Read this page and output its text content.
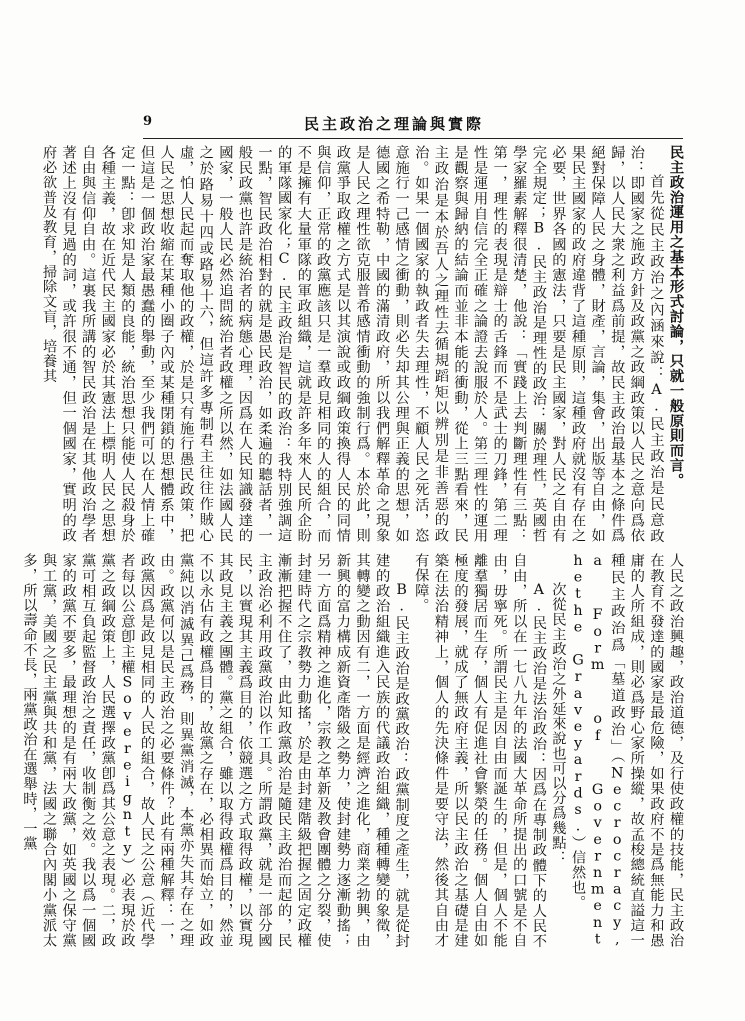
9	民主政治之理論與實際
民主政治運用之基本形式討論，只就一般原則而言。
首先從民主政治之內涵來說：A.民主政治是民意政治：即國家之施政方針及政黨之政綱政策以人民之意向爲依歸，以人民大衆之利益爲前提，故民主政治最基本之條件爲絕對保障人民之身體，財產，言論，集會，出版等自由，如果民主國家的政府違背了這種原則，這種政府就沒有存在之必要，世界各國的憲法，只要是民主國家，對人民之自由有完全規定；B.民主政治是理性的政治：關於理性，英國哲學家羅素解釋很清楚，他說：「實踐上去判斷理性有三點：第一，理性的表現是辯士的舌鋒而不是武士的刀鋒，第二理性是運用自信完全正確之論證去說服於人。第三理性的運用是觀察與歸納的結論而並非本能的衝動，從上三點看來，民主政治是本於吾人之理性去循規蹈矩以辨別是非善惡的政治。如果一個國家的執政者失去理性，不顧人民之死活，恣意施行一己感情之衝動，則必失却其公理與正義的思想，如德國之希特勒，中國的滿清政府，所以我們解釋革命之現象是人民之理性欲克服普希感情衝動的強制行爲。本於此，則政黨爭取政權之方式是以其演說或政綱政策換得人民的同情與信仰，正常的政黨應該只是一羣政見相同的人的組合，而不是擁有大量軍隊的軍政組織，這就是許多年來人民所企盼的軍隊國家化；C.民主政治是智民的政治：我特別強調這一點，智民政治相對的就是愚民政治，如柔遍的聽話者，一般民政黨也許是統治者的病態心理，因爲在人民知識發達的國家，一般人民必然追問統治者政權之所以然，如法國人民之於路易十四或路易十六，但這許多專制君主往往作賊心虛，怕人民起而奪取他的政權，於是只有施行愚民政策，把人民之思想收縮在某種小圈子內或某種閉鎖的思想體系中，但這是一個政治家最愚蠢的舉動，至少我們可以在人情上確定一點：卽求知是人類的良能，統治思想只能使人民殺身於各種主義，故在近代民主國家必於其憲法上標明人民之思想自由與信仰自由。這裏我所講的智民政治是在其他政治學者著述上沒有見過的詞，或許很不通，但一個國家，實明的政府必欲普及教育，掃除文盲，培養其
人民之政治興趣，政治道德，及行使政權的技能，民主政治在教育不發達的國家是最危險，如果政府不是爲無能力和愚庸的人所組成，則必爲野心家所操縱，故孟梭總統直謚這一種民主政治爲「墓道政治」（Necrocracy, a Form of Government hethe Graveyards.）信然也。
次從民主政治之外延來說也可以分爲幾點：
A.民主政治是法治政治：因爲在專制政體下的人民不自由，所以在一七八九年的法國大革命所提出的口號是不自由，毋寧死。所謂民主是因自由而誕生的，但是，個人不能離羣獨居而生存，個人有促進社會繁榮的任務。個人自由如極度的發展，就成了無政府主義，所以民主政治之基礎是建築在法治精神上，個人的先決條件是要守法，然後其自由才有保障。
B.民主政治是政黨政治：政黨制度之產生，就是從封建的政治組織進入民族的代議政治組織，種種轉變的象徵，其轉變之動因有二，一方面是經濟之進化，商業之勃興，由新興的富力構成新資產階級之勢力，使封建勢力逐漸動搖；另一方面爲精神之進化，宗教之革新及教會團體之分裂，使封建時代之宗教勢力動搖，於是由封建階級把握之固定政權漸漸把握不住了，由此知政黨政治是隨民主政治而起的，民主政治必利用政黨政治以作工具。所謂政黨，就是一部分國民，以實現其主義爲目的，依競選之方式取得政權，以實現其政見主義之團體。黨之組合，雖以取得政權爲目的，然並不以永佔有政權爲目的，故黨之存在，必相異而始立，如政黨純以消滅異己爲務，則異黨消滅，本黨亦失其存在之理由。政黨何以是民主政治之必要條件？此有兩種解釋：一，政黨因爲是政見相同的人民的組合，故人民之公意（近代學者每以公意卽主權Sovereignty）必表現於政黨之政綱政策上，人民選擇政黨卽爲其公意之表現。二，政黨可相互負起監督政治之責任，收制衡之效。我以爲一個國家的政黨不要多，最理想的是有兩大政黨，如英國之保守黨與工黨，美國之民主黨與共和黨，法國之聯合內閣小黨派太多，所以壽命不長，兩黨政治在選舉時，一黨
